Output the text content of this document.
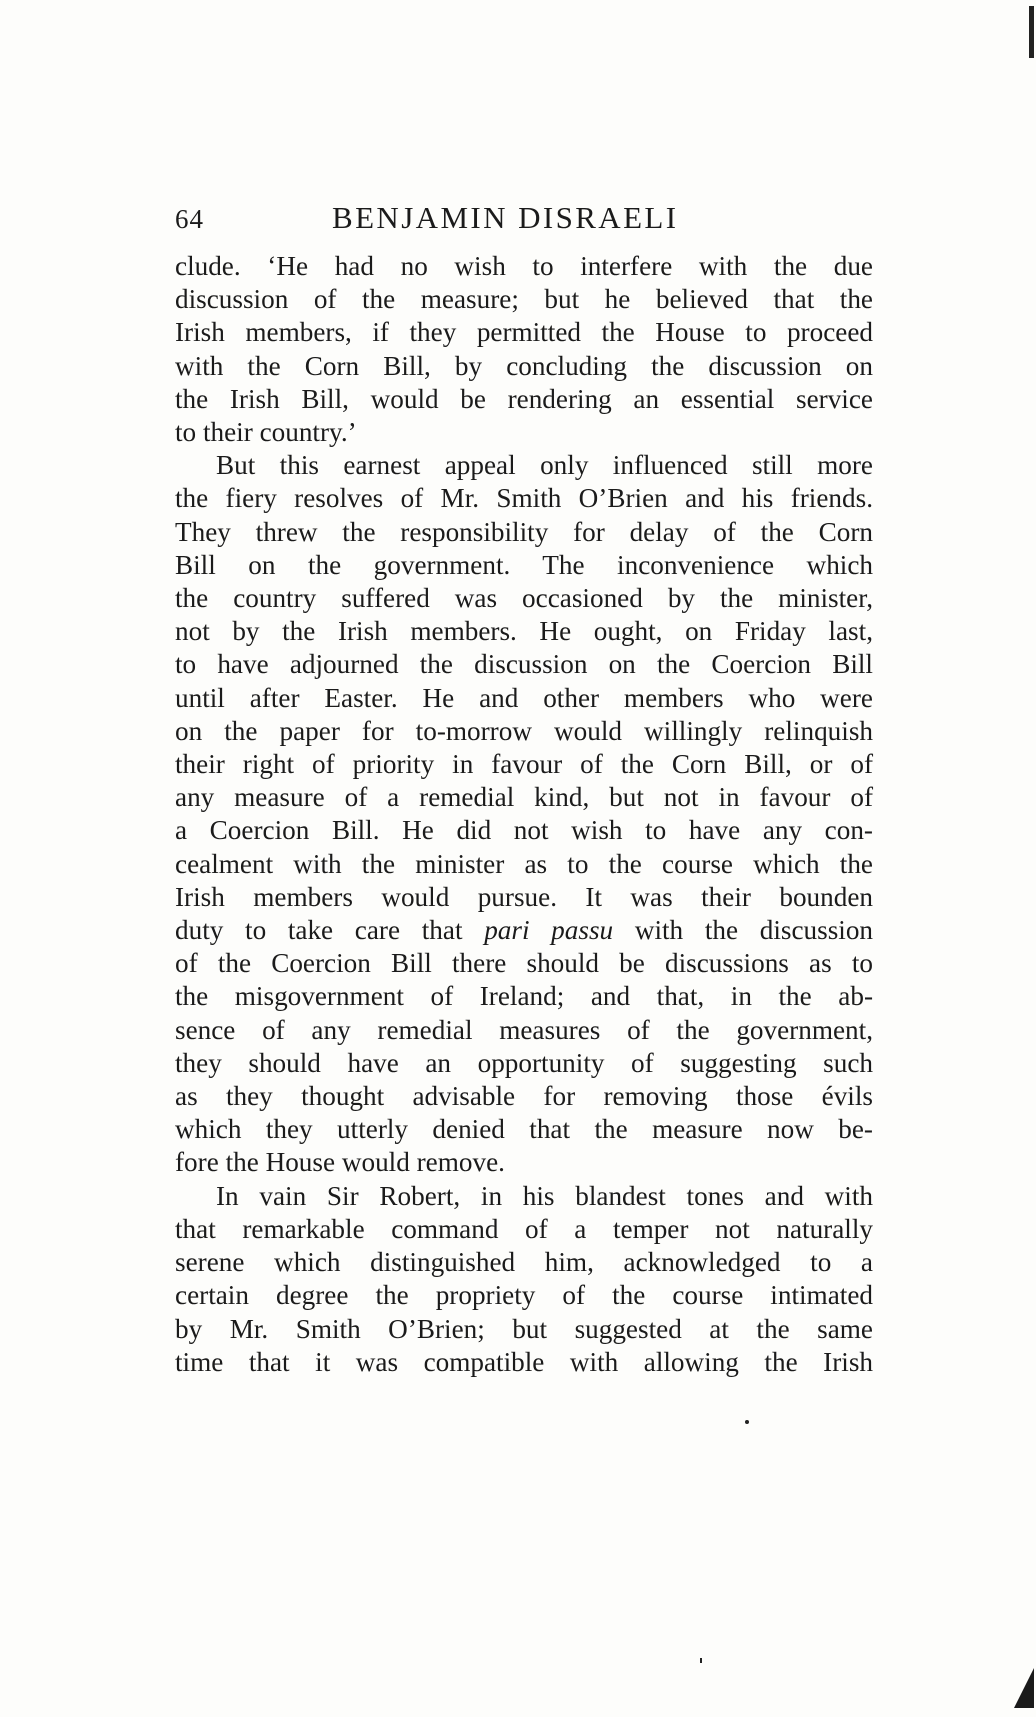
64	BENJAMIN DISRAELI

clude. ‘He had no wish to interfere with the due
discussion of the measure; but he believed that the
Irish members, if they permitted the House to proceed
with the Corn Bill, by concluding the discussion on
the Irish Bill, would be rendering an essential service
to their country.’

But this earnest appeal only influenced still more
the fiery resolves of Mr. Smith O’Brien and his friends.
They threw the responsibility for delay of the Corn
Bill on the government. The inconvenience which
the country suffered was occasioned by the minister,
not by the Irish members. He ought, on Friday last,
to have adjourned the discussion on the Coercion Bill
until after Easter. He and other members who were
on the paper for to-morrow would willingly relinquish
their right of priority in favour of the Corn Bill, or of
any measure of a remedial kind, but not in favour of
a Coercion Bill. He did not wish to have any con-
cealment with the minister as to the course which the
Irish members would pursue. It was their bounden
duty to take care that pari passu with the discussion
of the Coercion Bill there should be discussions as to
the misgovernment of Ireland; and that, in the ab-
sence of any remedial measures of the government,
they should have an opportunity of suggesting such
as they thought advisable for removing those évils
which they utterly denied that the measure now be-
fore the House would remove.

In vain Sir Robert, in his blandest tones and with
that remarkable command of a temper not naturally
serene which distinguished him, acknowledged to a
certain degree the propriety of the course intimated
by Mr. Smith O’Brien; but suggested at the same
time that it was compatible with allowing the Irish
